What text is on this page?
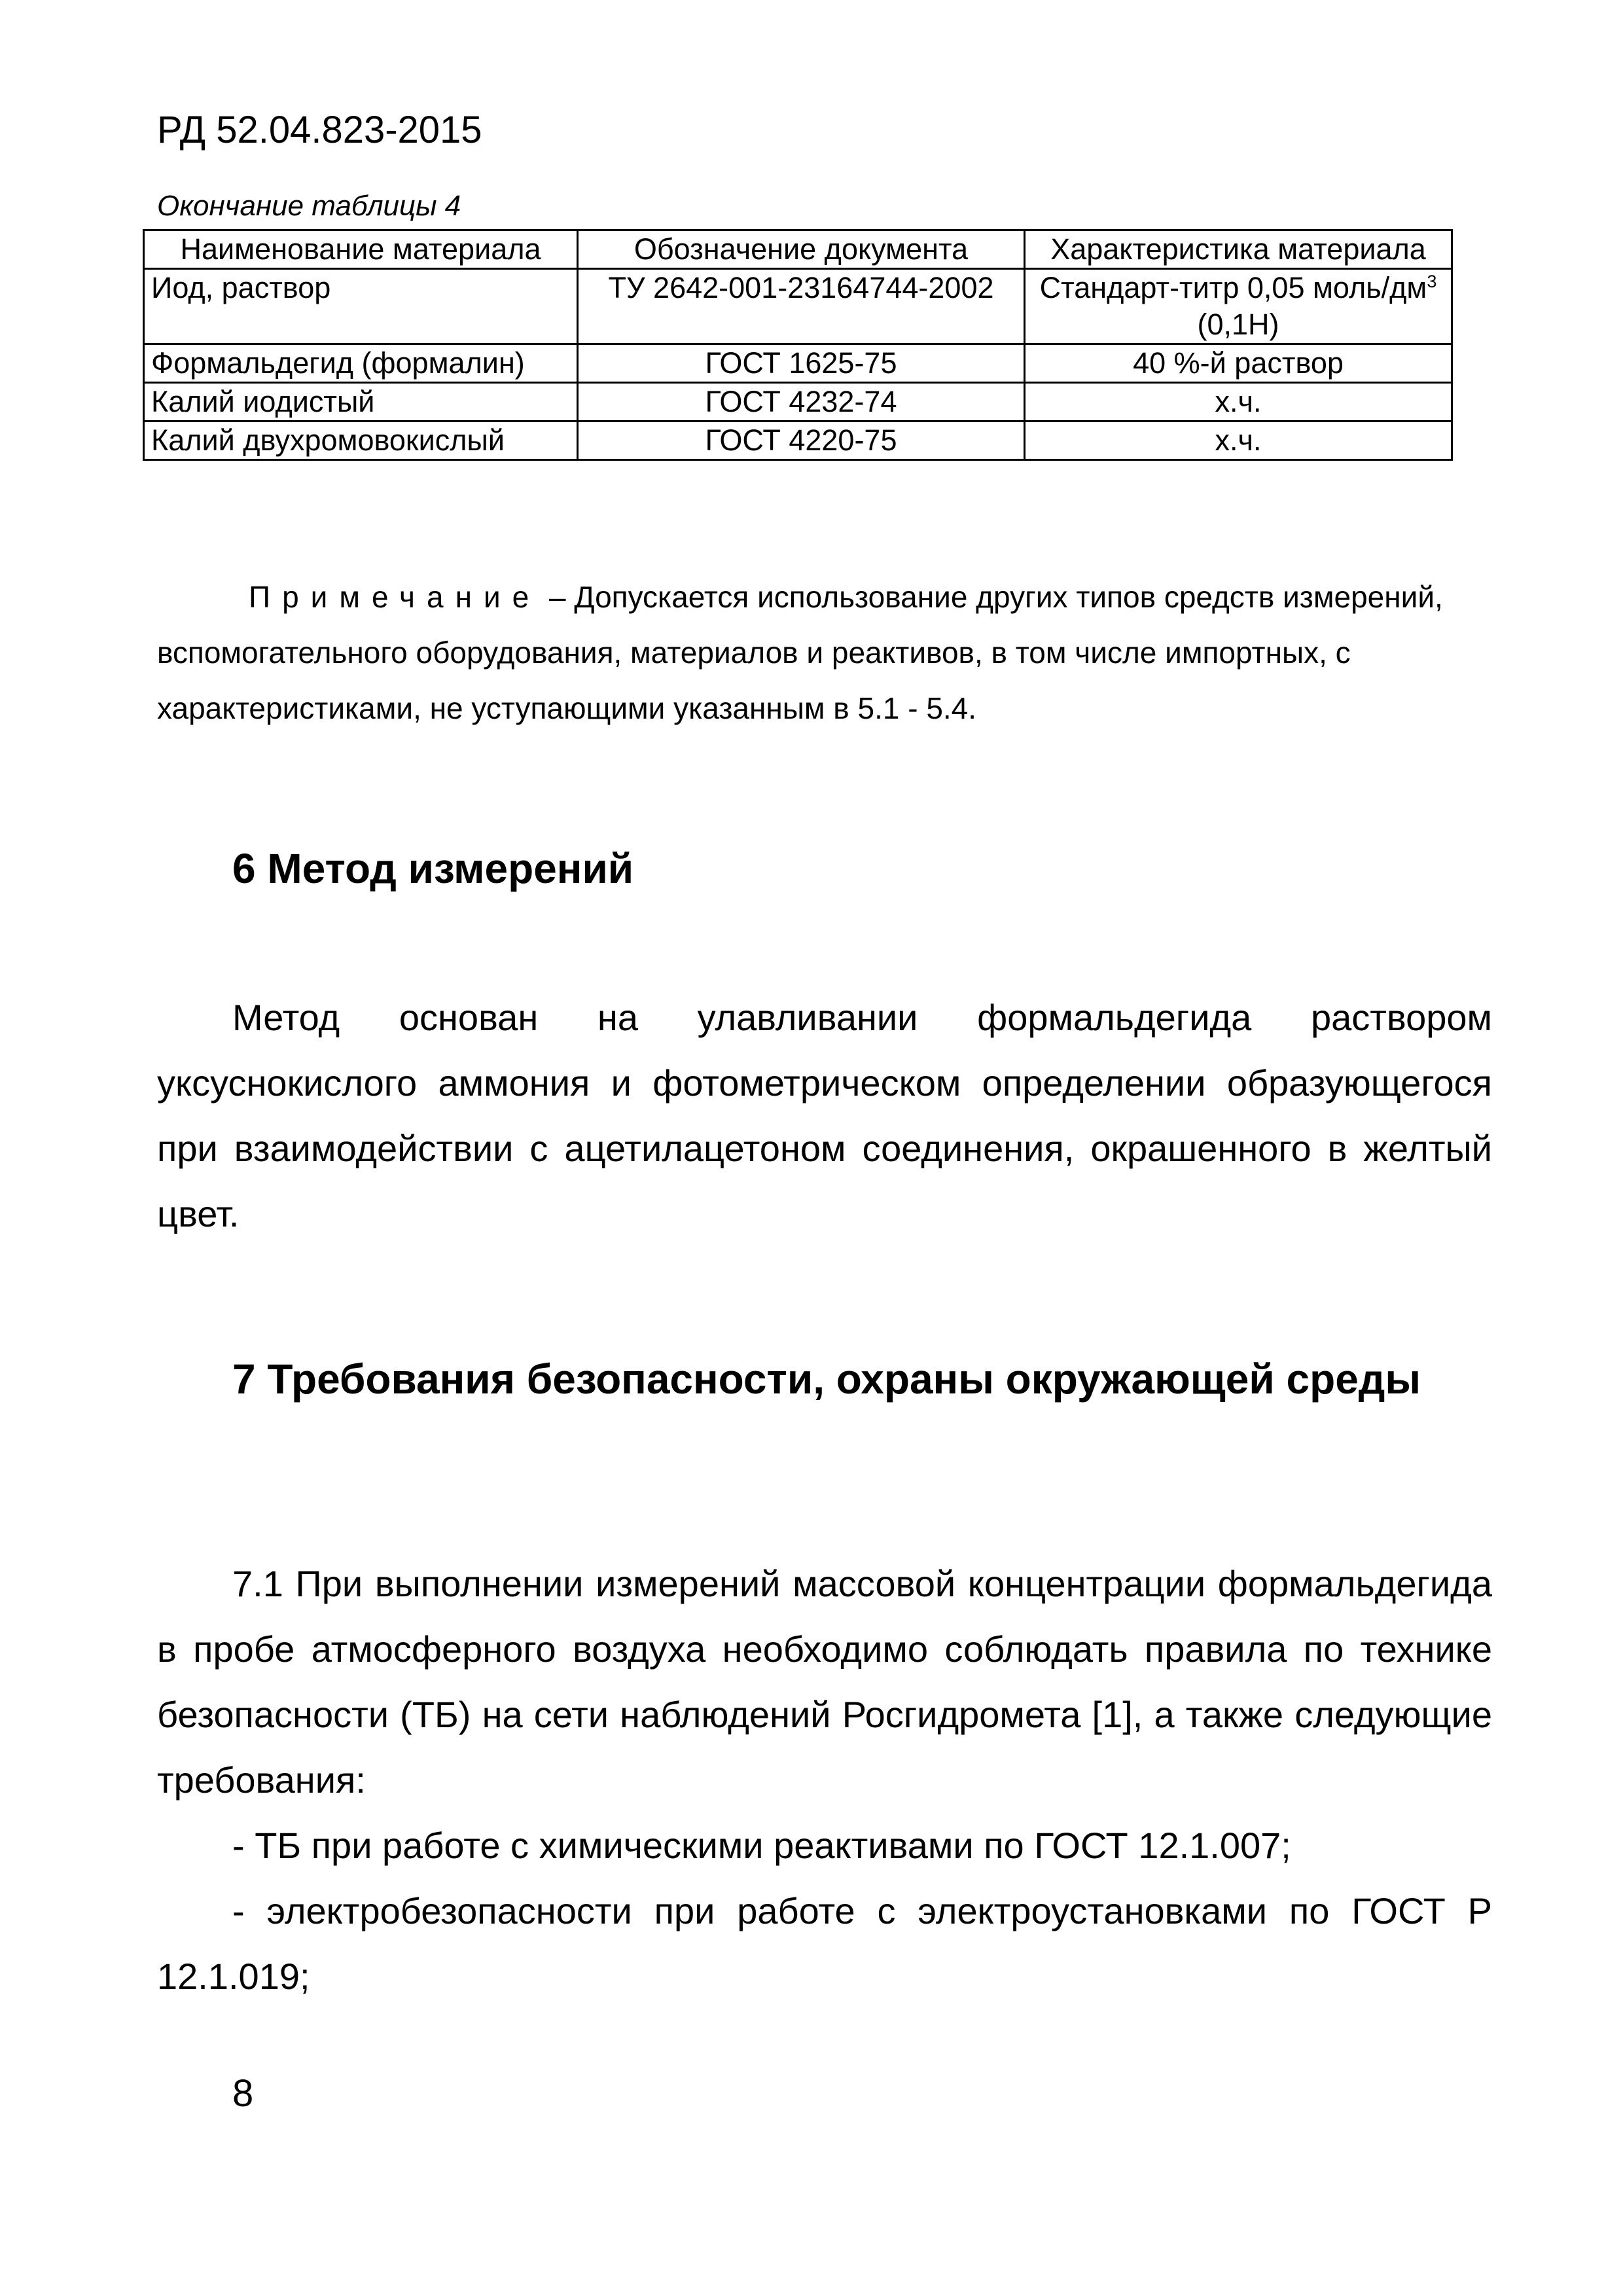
РД 52.04.823-2015
Окончание таблицы 4
Наименование материала	Обозначение документа	Характеристика материала
Иод, раствор	ТУ 2642-001-23164744-2002	Стандарт-титр 0,05 моль/$дм^3$ (0,1Н)
Формальдегид (формалин)	ГОСТ 1625-75	40 %-й раствор
Калий иодистый	ГОСТ 4232-74	х.ч.
Калий двухромовокислый	ГОСТ 4220-75	х.ч.
Примечание – Допускается использование других типов средств измерений, вспомогательного оборудования, материалов и реактивов, в том числе импортных, с характеристиками, не уступающими указанным в 5.1 - 5.4.
6 Метод измерений
Метод основан на улавливании формальдегида раствором уксуснокислого аммония и фотометрическом определении образующегося при взаимодействии с ацетилацетоном соединения, окрашенного в желтый цвет.
7 Требования безопасности, охраны окружающей среды
7.1 При выполнении измерений массовой концентрации формальдегида в пробе атмосферного воздуха необходимо соблюдать правила по технике безопасности (ТБ) на сети наблюдений Росгидромета [1], а также следующие требования:
- ТБ при работе с химическими реактивами по ГОСТ 12.1.007;
- электробезопасности при работе с электроустановками по ГОСТ Р 12.1.019;
8
